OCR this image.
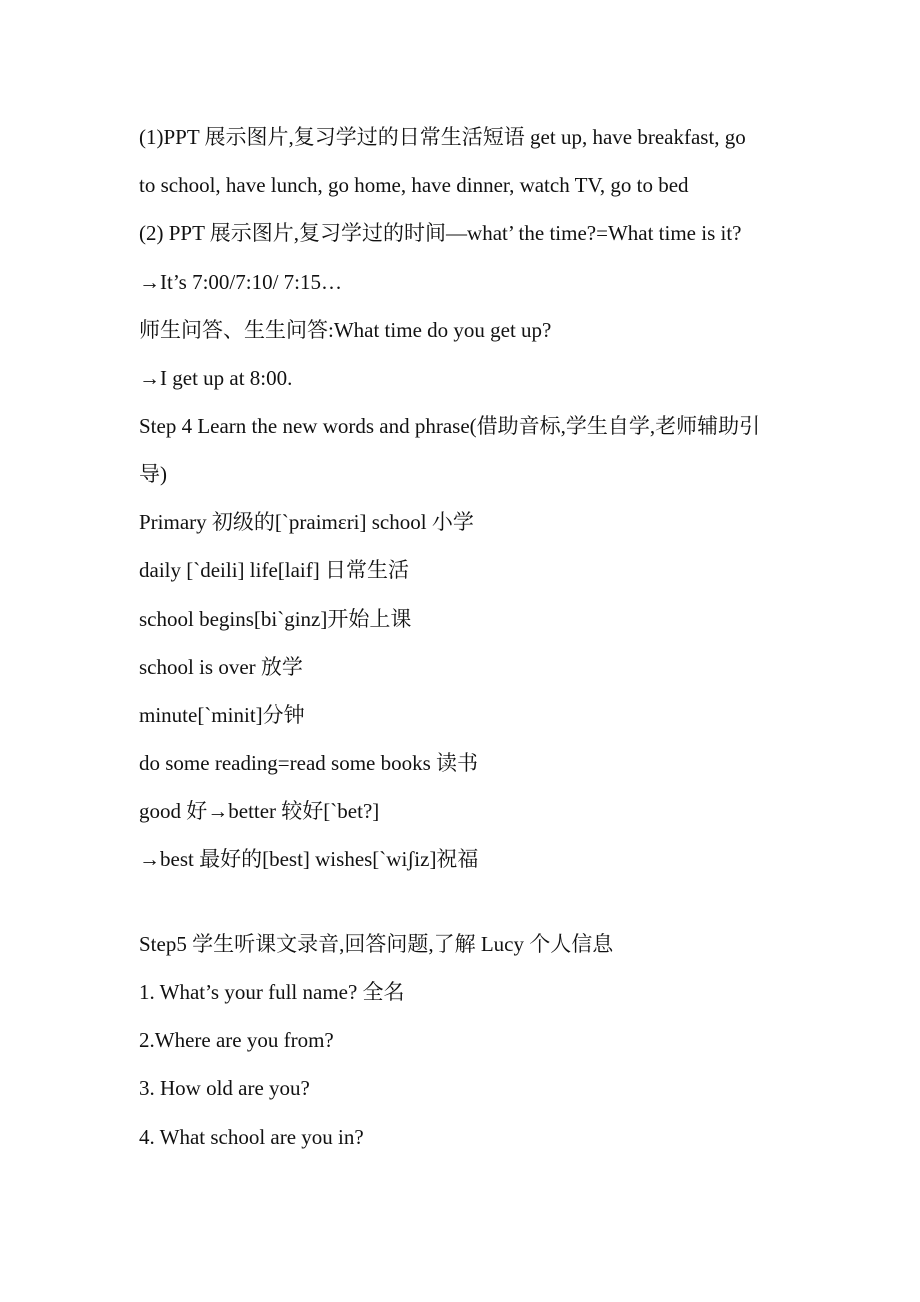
(1)PPT 展示图片,复习学过的日常生活短语 get up, have breakfast, go
to school, have lunch, go home, have dinner, watch TV, go to bed
(2) PPT 展示图片,复习学过的时间—what’ the time?=What time is it?
→It’s 7:00/7:10/ 7:15…
师生问答、生生问答:What time do you get up?
→I get up at 8:00.
Step 4 Learn the new words and phrase(借助音标,学生自学,老师辅助引
导)
Primary 初级的[`praimɛri] school 小学
daily [`deili] life[laif] 日常生活
school begins[bi`ginz]开始上课
school is over 放学
minute[`minit]分钟
do some reading=read some books 读书
good 好→better 较好[`bet?]
→best 最好的[best] wishes[`wiʃiz]祝福
Step5 学生听课文录音,回答问题,了解 Lucy 个人信息
1. What’s your full name? 全名
2.Where are you from?
3. How old are you?
4. What school are you in?
